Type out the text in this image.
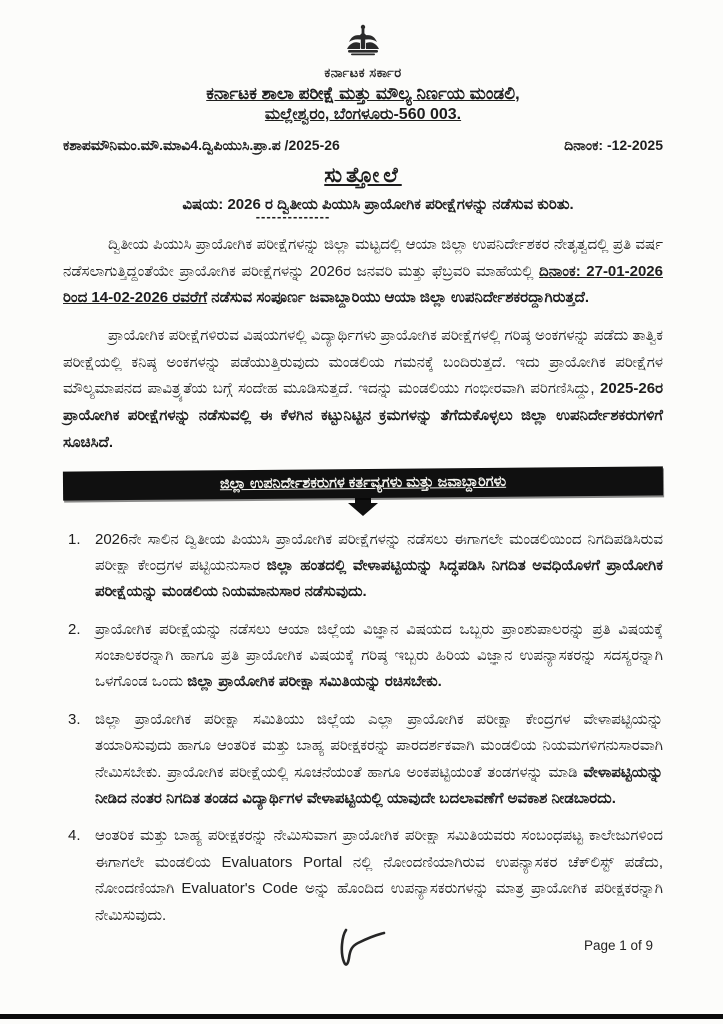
ಕರ್ನಾಟಕ ಸರ್ಕಾರ
ಕರ್ನಾಟಕ ಶಾಲಾ ಪರೀಕ್ಷೆ ಮತ್ತು ಮೌಲ್ಯ ನಿರ್ಣಯ ಮಂಡಲಿ,
ಮಲ್ಲೇಶ್ವರಂ, ಬೆಂಗಳೂರು-560 003.
ಕಶಾಪಮೌನಿಮಂ.ಮೌ.ಮಾವಿ4.ದ್ವಿಪಿಯುಸಿ.ಪ್ರಾ.ಪ /2025-26	ದಿನಾಂಕ: -12-2025
ಸುತ್ತೋಲೆ
ವಿಷಯ: 2026 ರ ದ್ವಿತೀಯ ಪಿಯುಸಿ ಪ್ರಾಯೋಗಿಕ ಪರೀಕ್ಷೆಗಳನ್ನು ನಡೆಸುವ ಕುರಿತು.
--------------
ದ್ವಿತೀಯ ಪಿಯುಸಿ ಪ್ರಾಯೋಗಿಕ ಪರೀಕ್ಷೆಗಳನ್ನು ಜಿಲ್ಲಾ ಮಟ್ಟದಲ್ಲಿ ಆಯಾ ಜಿಲ್ಲಾ ಉಪನಿರ್ದೇಶಕರ ನೇತೃತ್ವದಲ್ಲಿ ಪ್ರತಿ ವರ್ಷ ನಡೆಸಲಾಗುತ್ತಿದ್ದಂತೆಯೇ ಪ್ರಾಯೋಗಿಕ ಪರೀಕ್ಷೆಗಳನ್ನು 2026ರ ಜನವರಿ ಮತ್ತು ಫೆಬ್ರವರಿ ಮಾಹೆಯಲ್ಲಿ ದಿನಾಂಕ: 27-01-2026 ರಿಂದ 14-02-2026 ರವರೆಗೆ ನಡೆಸುವ ಸಂಪೂರ್ಣ ಜವಾಬ್ದಾರಿಯು ಆಯಾ ಜಿಲ್ಲಾ ಉಪನಿರ್ದೇಶಕರದ್ದಾಗಿರುತ್ತದೆ.
ಪ್ರಾಯೋಗಿಕ ಪರೀಕ್ಷೆಗಳಿರುವ ವಿಷಯಗಳಲ್ಲಿ ವಿದ್ಯಾರ್ಥಿಗಳು ಪ್ರಾಯೋಗಿಕ ಪರೀಕ್ಷೆಗಳಲ್ಲಿ ಗರಿಷ್ಠ ಅಂಕಗಳನ್ನು ಪಡೆದು ತಾತ್ವಿಕ ಪರೀಕ್ಷೆಯಲ್ಲಿ ಕನಿಷ್ಠ ಅಂಕಗಳನ್ನು ಪಡೆಯುತ್ತಿರುವುದು ಮಂಡಲಿಯ ಗಮನಕ್ಕೆ ಬಂದಿರುತ್ತದೆ. ಇದು ಪ್ರಾಯೋಗಿಕ ಪರೀಕ್ಷೆಗಳ ಮೌಲ್ಯಮಾಪನದ ಪಾವಿತ್ರ್ಯತೆಯ ಬಗ್ಗೆ ಸಂದೇಹ ಮೂಡಿಸುತ್ತದೆ. ಇದನ್ನು ಮಂಡಲಿಯು ಗಂಭೀರವಾಗಿ ಪರಿಗಣಿಸಿದ್ದು, 2025-26ರ ಪ್ರಾಯೋಗಿಕ ಪರೀಕ್ಷೆಗಳನ್ನು ನಡೆಸುವಲ್ಲಿ ಈ ಕೆಳಗಿನ ಕಟ್ಟುನಿಟ್ಟಿನ ಕ್ರಮಗಳನ್ನು ತೆಗೆದುಕೊಳ್ಳಲು ಜಿಲ್ಲಾ ಉಪನಿರ್ದೇಶಕರುಗಳಿಗೆ ಸೂಚಿಸಿದೆ.
ಜಿಲ್ಲಾ ಉಪನಿರ್ದೇಶಕರುಗಳ ಕರ್ತವ್ಯಗಳು ಮತ್ತು ಜವಾಬ್ದಾರಿಗಳು
1. 2026ನೇ ಸಾಲಿನ ದ್ವಿತೀಯ ಪಿಯುಸಿ ಪ್ರಾಯೋಗಿಕ ಪರೀಕ್ಷೆಗಳನ್ನು ನಡೆಸಲು ಈಗಾಗಲೇ ಮಂಡಲಿಯಿಂದ ನಿಗದಿಪಡಿಸಿರುವ ಪರೀಕ್ಷಾ ಕೇಂದ್ರಗಳ ಪಟ್ಟಿಯನುಸಾರ ಜಿಲ್ಲಾ ಹಂತದಲ್ಲಿ ವೇಳಾಪಟ್ಟಿಯನ್ನು ಸಿದ್ಧಪಡಿಸಿ ನಿಗದಿತ ಅವಧಿಯೊಳಗೆ ಪ್ರಾಯೋಗಿಕ ಪರೀಕ್ಷೆಯನ್ನು ಮಂಡಲಿಯ ನಿಯಮಾನುಸಾರ ನಡೆಸುವುದು.
2. ಪ್ರಾಯೋಗಿಕ ಪರೀಕ್ಷೆಯನ್ನು ನಡೆಸಲು ಆಯಾ ಜಿಲ್ಲೆಯ ವಿಜ್ಞಾನ ವಿಷಯದ ಒಬ್ಬರು ಪ್ರಾಂಶುಪಾಲರನ್ನು ಪ್ರತಿ ವಿಷಯಕ್ಕೆ ಸಂಚಾಲಕರನ್ನಾಗಿ ಹಾಗೂ ಪ್ರತಿ ಪ್ರಾಯೋಗಿಕ ವಿಷಯಕ್ಕೆ ಗರಿಷ್ಠ ಇಬ್ಬರು ಹಿರಿಯ ವಿಜ್ಞಾನ ಉಪನ್ಯಾಸಕರನ್ನು ಸದಸ್ಯರನ್ನಾಗಿ ಒಳಗೊಂಡ ಒಂದು ಜಿಲ್ಲಾ ಪ್ರಾಯೋಗಿಕ ಪರೀಕ್ಷಾ ಸಮಿತಿಯನ್ನು ರಚಿಸಬೇಕು.
3. ಜಿಲ್ಲಾ ಪ್ರಾಯೋಗಿಕ ಪರೀಕ್ಷಾ ಸಮಿತಿಯು ಜಿಲ್ಲೆಯ ಎಲ್ಲಾ ಪ್ರಾಯೋಗಿಕ ಪರೀಕ್ಷಾ ಕೇಂದ್ರಗಳ ವೇಳಾಪಟ್ಟಿಯನ್ನು ತಯಾರಿಸುವುದು ಹಾಗೂ ಆಂತರಿಕ ಮತ್ತು ಬಾಹ್ಯ ಪರೀಕ್ಷಕರನ್ನು ಪಾರದರ್ಶಕವಾಗಿ ಮಂಡಲಿಯ ನಿಯಮಗಳಿಗನುಸಾರವಾಗಿ ನೇಮಿಸಬೇಕು. ಪ್ರಾಯೋಗಿಕ ಪರೀಕ್ಷೆಯಲ್ಲಿ ಸೂಚನೆಯಂತೆ ಹಾಗೂ ಅಂಕಪಟ್ಟಿಯಂತೆ ತಂಡಗಳನ್ನು ಮಾಡಿ ವೇಳಾಪಟ್ಟಿಯನ್ನು ನೀಡಿದ ನಂತರ ನಿಗದಿತ ತಂಡದ ವಿದ್ಯಾರ್ಥಿಗಳ ವೇಳಾಪಟ್ಟಿಯಲ್ಲಿ ಯಾವುದೇ ಬದಲಾವಣೆಗೆ ಅವಕಾಶ ನೀಡಬಾರದು.
4. ಆಂತರಿಕ ಮತ್ತು ಬಾಹ್ಯ ಪರೀಕ್ಷಕರನ್ನು ನೇಮಿಸುವಾಗ ಪ್ರಾಯೋಗಿಕ ಪರೀಕ್ಷಾ ಸಮಿತಿಯವರು ಸಂಬಂಧಪಟ್ಟ ಕಾಲೇಜುಗಳಿಂದ ಈಗಾಗಲೇ ಮಂಡಲಿಯ Evaluators Portal ನಲ್ಲಿ ನೋಂದಣಿಯಾಗಿರುವ ಉಪನ್ಯಾಸಕರ ಚೆಕ್‌ಲಿಸ್ಟ್ ಪಡೆದು, ನೋಂದಣಿಯಾಗಿ Evaluator's Code ಅನ್ನು ಹೊಂದಿದ ಉಪನ್ಯಾಸಕರುಗಳನ್ನು ಮಾತ್ರ ಪ್ರಾಯೋಗಿಕ ಪರೀಕ್ಷಕರನ್ನಾಗಿ ನೇಮಿಸುವುದು.
Page 1 of 9
